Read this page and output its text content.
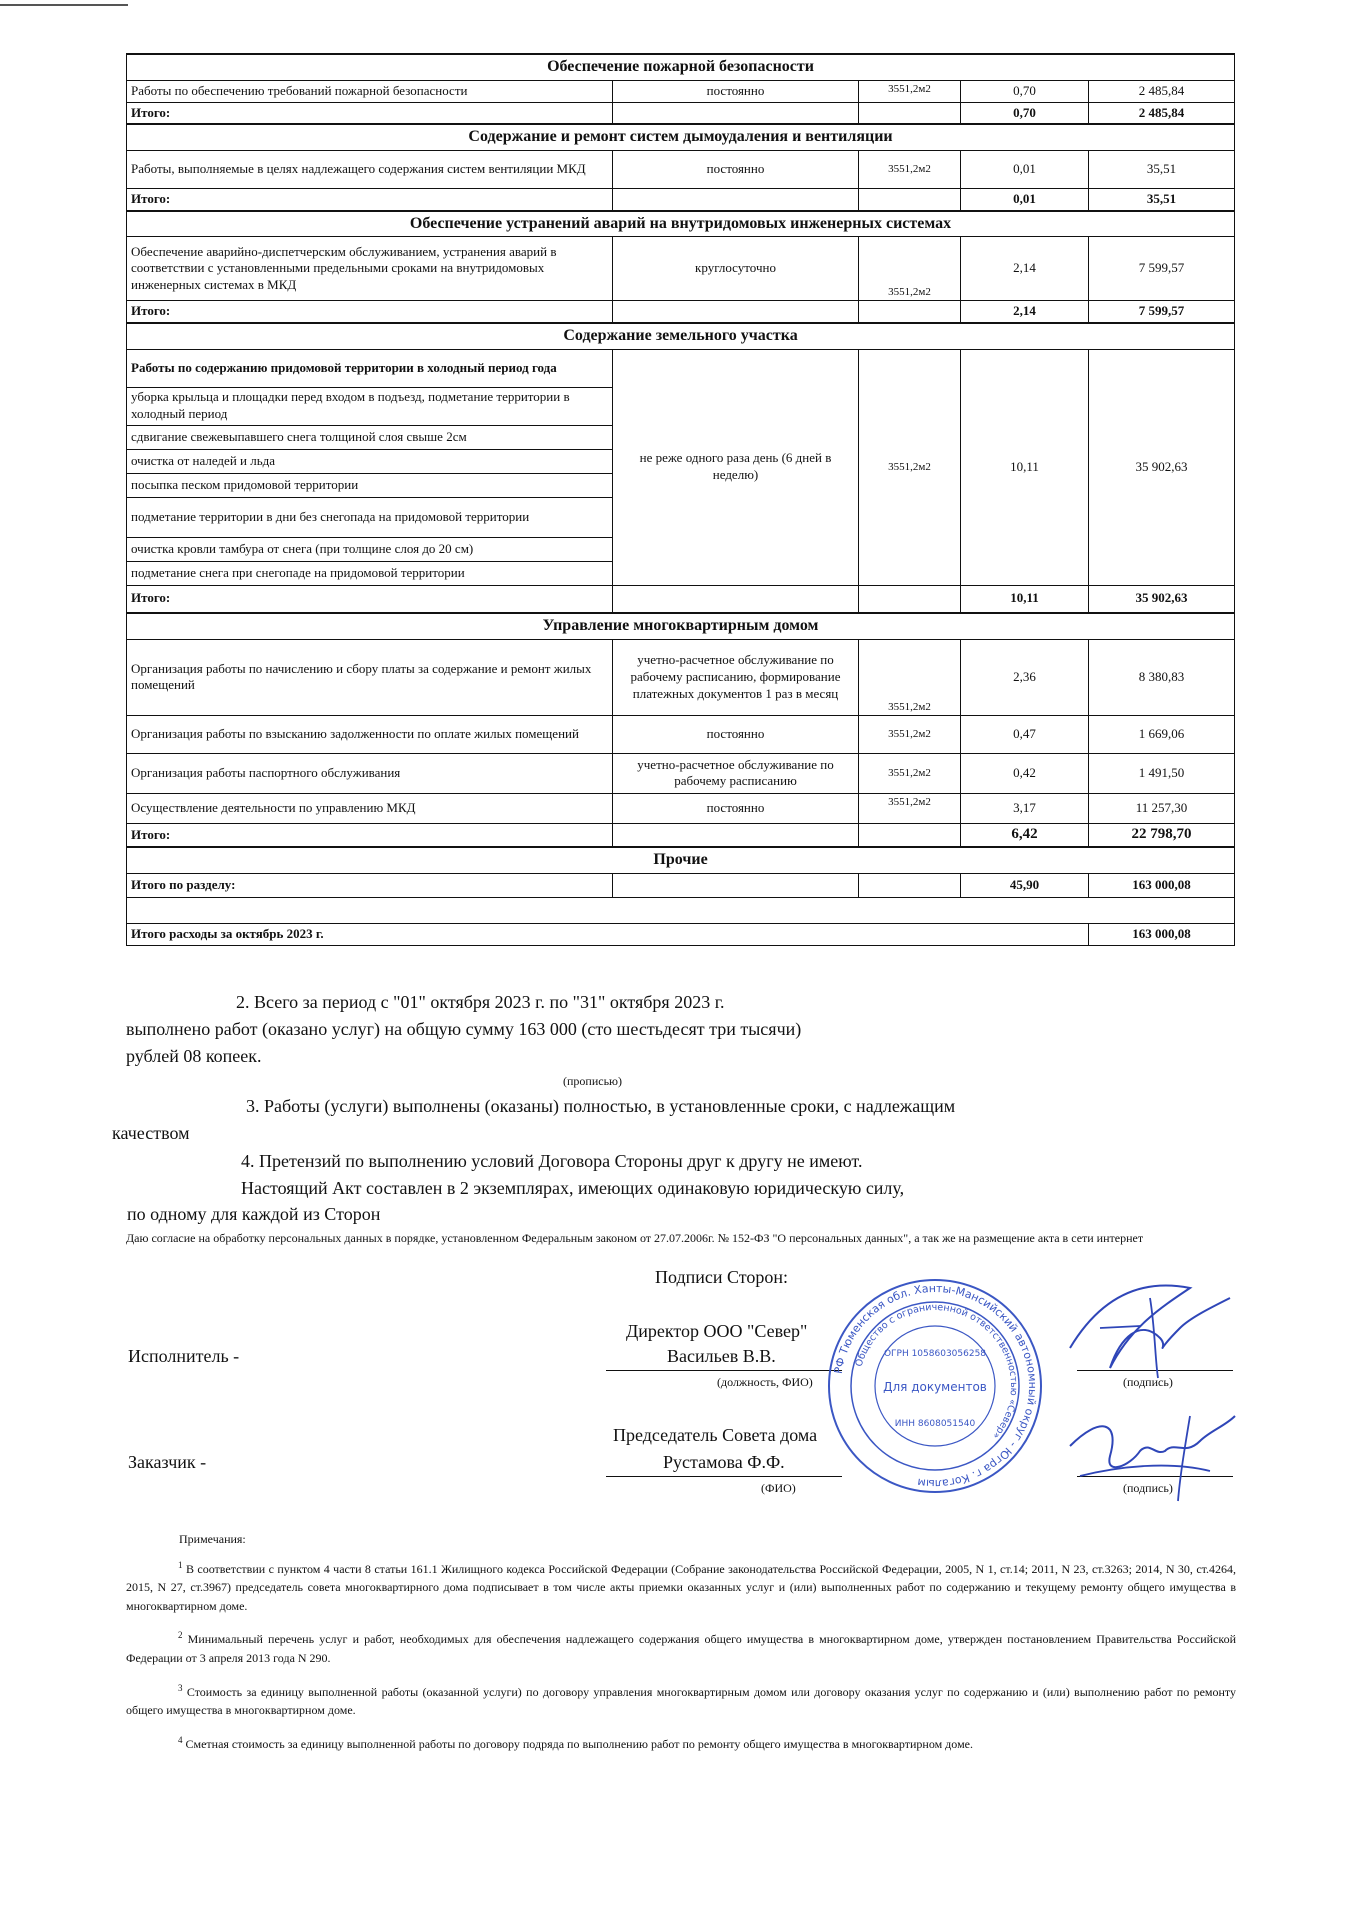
Обеспечение пожарной безопасности				
Работы по обеспечению требований пожарной безопасности	постоянно	3551,2м2	0,70	2 485,84
Итого:			0,70	2 485,84
Содержание и ремонт систем дымоудаления и вентиляции				
Работы, выполняемые в целях надлежащего содержания систем вентиляции МКД	постоянно	3551,2м2	0,01	35,51
Итого:			0,01	35,51
Обеспечение устранений аварий на внутридомовых инженерных системах				
Обеспечение аварийно-диспетчерским обслуживанием, устранения аварий в соответствии с установленными предельными сроками на внутридомовых инженерных системах в МКД	круглосуточно	3551,2м2	2,14	7 599,57
Итого:			2,14	7 599,57
Содержание земельного участка				
Работы по содержанию придомовой территории в холодный период года	не реже одного раза день (6 дней в неделю)	3551,2м2	10,11	35 902,63
уборка крыльца и площадки перед входом в подъезд, подметание территории в холодный период				
сдвигание свежевыпавшего снега толщиной слоя свыше 2см				
очистка от наледей и льда				
посыпка песком придомовой территории				
подметание территории в дни без снегопада на придомовой территории				
очистка кровли тамбура от снега (при толщине слоя до 20 см)				
подметание снега при снегопаде на придомовой территории				
Итого:			10,11	35 902,63
Управление многоквартирным домом				
Организация работы по начислению и сбору платы за содержание и ремонт жилых помещений	учетно-расчетное обслуживание по рабочему расписанию, формирование платежных документов 1 раз в месяц	3551,2м2	2,36	8 380,83
Организация работы по взысканию задолженности по оплате жилых помещений	постоянно	3551,2м2	0,47	1 669,06
Организация работы паспортного обслуживания	учетно-расчетное обслуживание по рабочему расписанию	3551,2м2	0,42	1 491,50
Осуществление деятельности по управлению МКД	постоянно	3551,2м2	3,17	11 257,30
Итого:			6,42	22 798,70
Прочие				
Итого по разделу:			45,90	163 000,08

Итого расходы за октябрь 2023 г.				163 000,08
2. Всего за период с "01" октября 2023 г. по "31" октября 2023 г.
выполнено работ (оказано услуг) на общую сумму 163 000 (сто шестьдесят три тысячи)
рублей 08 копеек.
(прописью)
3. Работы (услуги) выполнены (оказаны) полностью, в установленные сроки, с надлежащим
качеством
4. Претензий по выполнению условий Договора Стороны друг к другу не имеют.
Настоящий Акт составлен в 2 экземплярах, имеющих одинаковую юридическую силу,
по одному для каждой из Сторон
Даю согласие на обработку персональных данных в порядке, установленном Федеральным законом от 27.07.2006г. № 152-ФЗ "О персональных данных", а так же на размещение акта в сети интернет
Подписи Сторон:
Директор ООО "Север"
Исполнитель -	Васильев В.В.
(должность, ФИО)	(подпись)
Председатель Совета дома
Заказчик -	Рустамова Ф.Ф.
(ФИО)	(подпись)
РФ Тюменская обл. Ханты-Мансийский автономный округ - Югра г. Когалым
Общество с ограниченной ответственностью «Север»
ОГРН 1058603056258
Для документов
ИНН 8608051540

Примечания:

$^1$ В соответствии с пунктом 4 части 8 статьи 161.1 Жилищного кодекса Российской Федерации (Собрание законодательства Российской Федерации, 2005, N 1, ст.14; 2011, N 23, ст.3263; 2014, N 30, ст.4264, 2015, N 27, ст.3967) председатель совета многоквартирного дома подписывает в том числе акты приемки оказанных услуг и (или) выполненных работ по содержанию и текущему ремонту общего имущества в многоквартирном доме.

$^2$ Минимальный перечень услуг и работ, необходимых для обеспечения надлежащего содержания общего имущества в многоквартирном доме, утвержден постановлением Правительства Российской Федерации от 3 апреля 2013 года N 290.

$^3$ Стоимость за единицу выполненной работы (оказанной услуги) по договору управления многоквартирным домом или договору оказания услуг по содержанию и (или) выполнению работ по ремонту общего имущества в многоквартирном доме.

$^4$ Сметная стоимость за единицу выполненной работы по договору подряда по выполнению работ по ремонту общего имущества в многоквартирном доме.
